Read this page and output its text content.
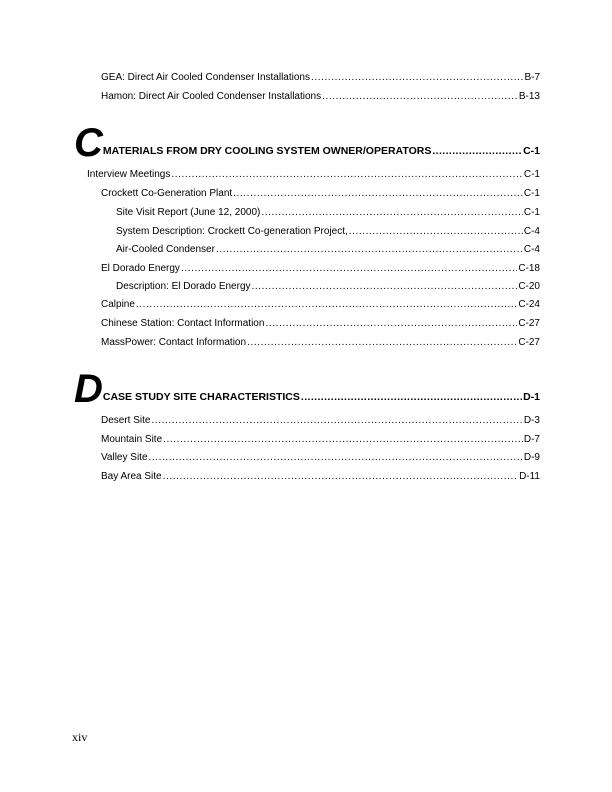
GEA: Direct Air Cooled Condenser Installations .....	B-7
Hamon: Direct Air Cooled Condenser Installations .....	B-13
C MATERIALS FROM DRY COOLING SYSTEM OWNER/OPERATORS .....	C-1
Interview Meetings .....	C-1
Crockett Co-Generation Plant .....	C-1
Site Visit Report (June 12, 2000) .....	C-1
System Description: Crockett Co-generation Project, .....	C-4
Air-Cooled Condenser .....	C-4
El Dorado Energy .....	C-18
Description: El Dorado Energy .....	C-20
Calpine .....	C-24
Chinese Station: Contact Information .....	C-27
MassPower: Contact Information .....	C-27
D CASE STUDY SITE CHARACTERISTICS .....	D-1
Desert Site .....	D-3
Mountain Site .....	D-7
Valley Site .....	D-9
Bay Area Site .....	D-11
xiv
